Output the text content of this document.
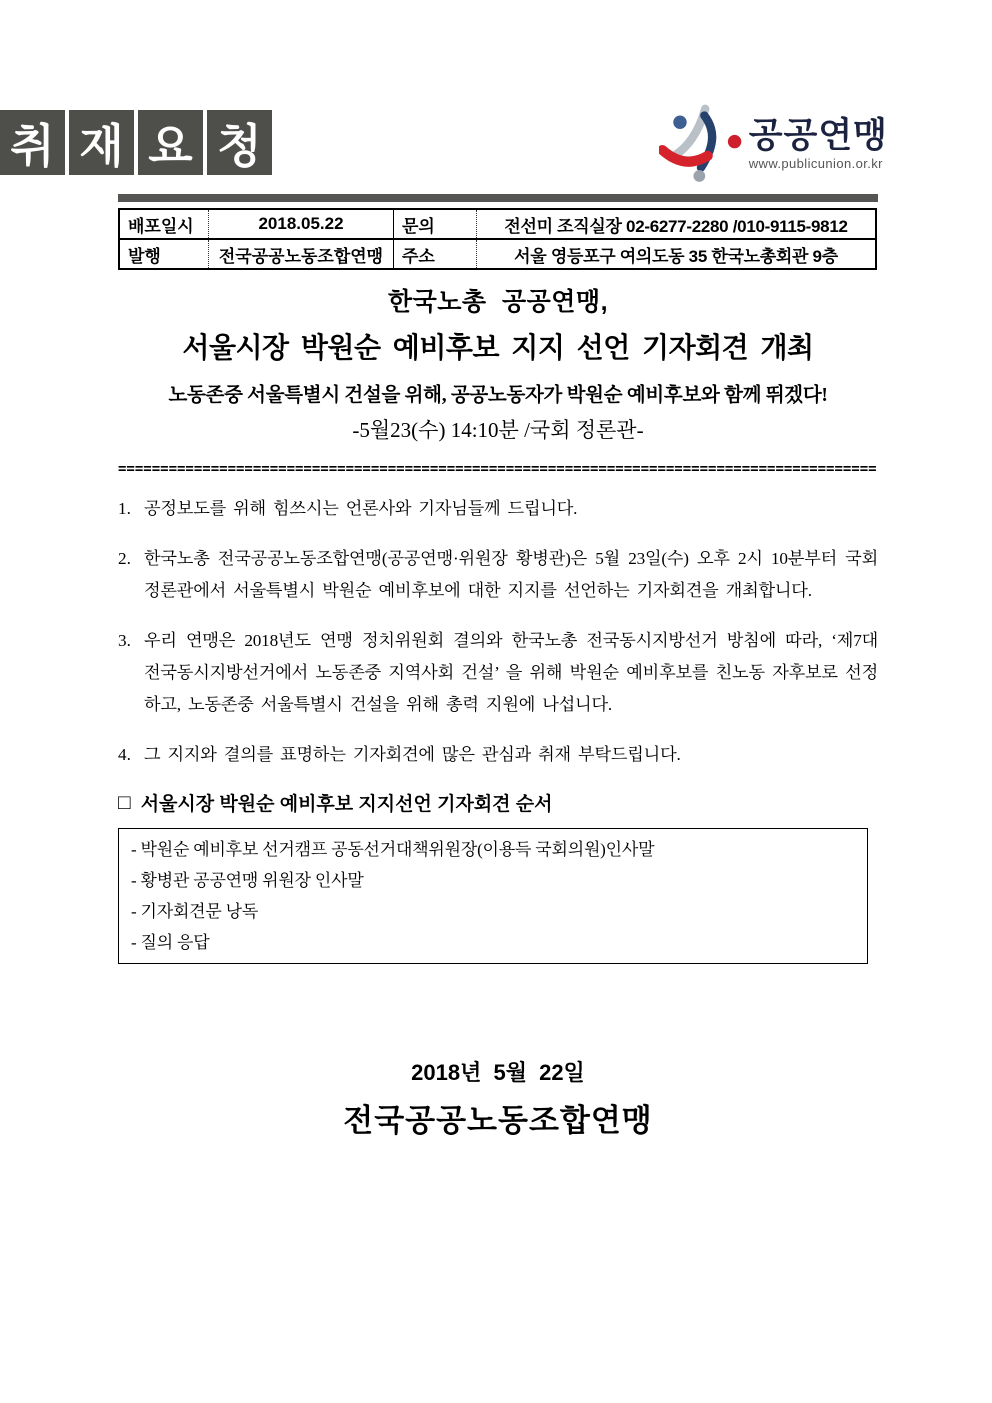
취 재 요 청	공공연맹
www.publicunion.or.kr
배포일시	2018.05.22	문의	전선미 조직실장 02-6277-2280 /010-9115-9812
발행	전국공공노동조합연맹	주소	서울 영등포구 여의도동 35 한국노총회관 9층
한국노총 공공연맹,
서울시장 박원순 예비후보 지지 선언 기자회견 개최
노동존중 서울특별시 건설을 위해, 공공노동자가 박원순 예비후보와 함께 뛰겠다!
-5월23(수) 14:10분 /국회 정론관-
==========================================================================================
1. 공정보도를 위해 힘쓰시는 언론사와 기자님들께 드립니다.
2. 한국노총 전국공공노동조합연맹(공공연맹·위원장 황병관)은 5월 23일(수) 오후 2시 10분부터 국회 정론관에서 서울특별시 박원순 예비후보에 대한 지지를 선언하는 기자회견을 개최합니다.
3. 우리 연맹은 2018년도 연맹 정치위원회 결의와 한국노총 전국동시지방선거 방침에 따라, ‘제7대 전국동시지방선거에서 노동존중 지역사회 건설’ 을 위해 박원순 예비후보를 친노동 자후보로 선정하고, 노동존중 서울특별시 건설을 위해 총력 지원에 나섭니다.
4. 그 지지와 결의를 표명하는 기자회견에 많은 관심과 취재 부탁드립니다.
□ 서울시장 박원순 예비후보 지지선언 기자회견 순서
- 박원순 예비후보 선거캠프 공동선거대책위원장(이용득 국회의원)인사말
- 황병관 공공연맹 위원장 인사말
- 기자회견문 낭독
- 질의 응답
2018년 5월 22일
전국공공노동조합연맹
